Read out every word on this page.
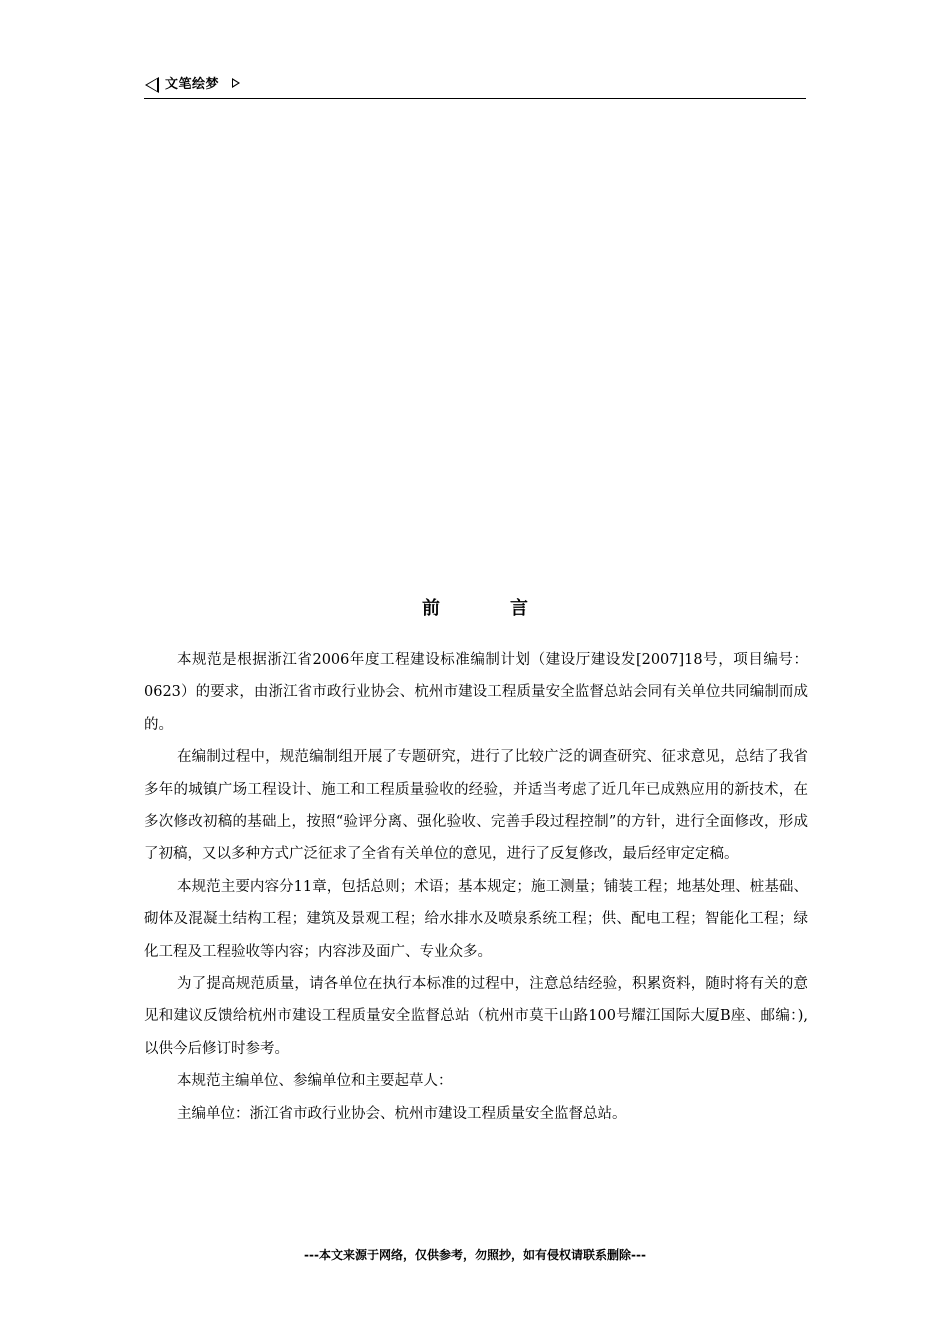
文笔绘梦
前言

本规范是根据浙江省2006年度工程建设标准编制计划（建设厅建设发[2007]18号，项目编号：0623）的要求，由浙江省市政行业协会、杭州市建设工程质量安全监督总站会同有关单位共同编制而成的。

在编制过程中，规范编制组开展了专题研究，进行了比较广泛的调查研究、征求意见，总结了我省多年的城镇广场工程设计、施工和工程质量验收的经验，并适当考虑了近几年已成熟应用的新技术，在多次修改初稿的基础上，按照“验评分离、强化验收、完善手段过程控制”的方针，进行全面修改，形成了初稿，又以多种方式广泛征求了全省有关单位的意见，进行了反复修改，最后经审定定稿。

本规范主要内容分11章，包括总则；术语；基本规定；施工测量；铺装工程；地基处理、桩基础、砌体及混凝土结构工程；建筑及景观工程；给水排水及喷泉系统工程；供、配电工程；智能化工程；绿化工程及工程验收等内容；内容涉及面广、专业众多。

为了提高规范质量，请各单位在执行本标准的过程中，注意总结经验，积累资料，随时将有关的意见和建议反馈给杭州市建设工程质量安全监督总站（杭州市莫干山路100号耀江国际大厦B座、邮编：),以供今后修订时参考。

本规范主编单位、参编单位和主要起草人：

主编单位：浙江省市政行业协会、杭州市建设工程质量安全监督总站。

---本文来源于网络，仅供参考，勿照抄，如有侵权请联系删除---
